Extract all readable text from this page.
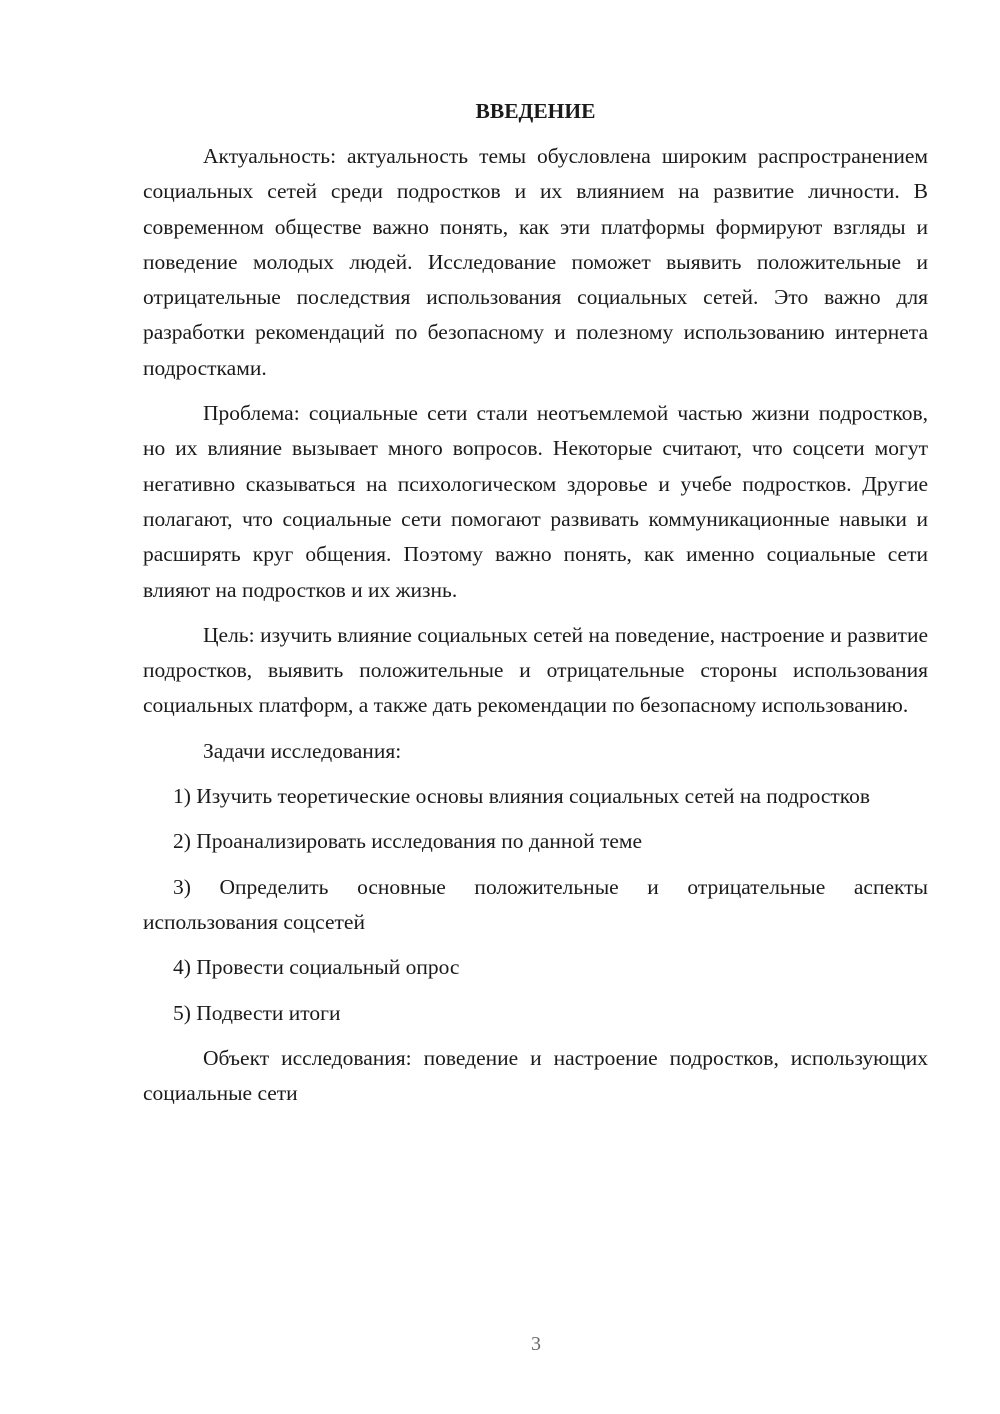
ВВЕДЕНИЕ

Актуальность: актуальность темы обусловлена широким распространением социальных сетей среди подростков и их влиянием на развитие личности. В современном обществе важно понять, как эти платформы формируют взгляды и поведение молодых людей. Исследование поможет выявить положительные и отрицательные последствия использования социальных сетей. Это важно для разработки рекомендаций по безопасному и полезному использованию интернета подростками.

Проблема: социальные сети стали неотъемлемой частью жизни подростков, но их влияние вызывает много вопросов. Некоторые считают, что соцсети могут негативно сказываться на психологическом здоровье и учебе подростков. Другие полагают, что социальные сети помогают развивать коммуникационные навыки и расширять круг общения. Поэтому важно понять, как именно социальные сети влияют на подростков и их жизнь.

Цель: изучить влияние социальных сетей на поведение, настроение и развитие подростков, выявить положительные и отрицательные стороны использования социальных платформ, а также дать рекомендации по безопасному использованию.

Задачи исследования:

1) Изучить теоретические основы влияния социальных сетей на подростков

2) Проанализировать исследования по данной теме

3) Определить основные положительные и отрицательные аспекты использования соцсетей

4) Провести социальный опрос

5) Подвести итоги

Объект исследования: поведение и настроение подростков, использующих социальные сети

3
